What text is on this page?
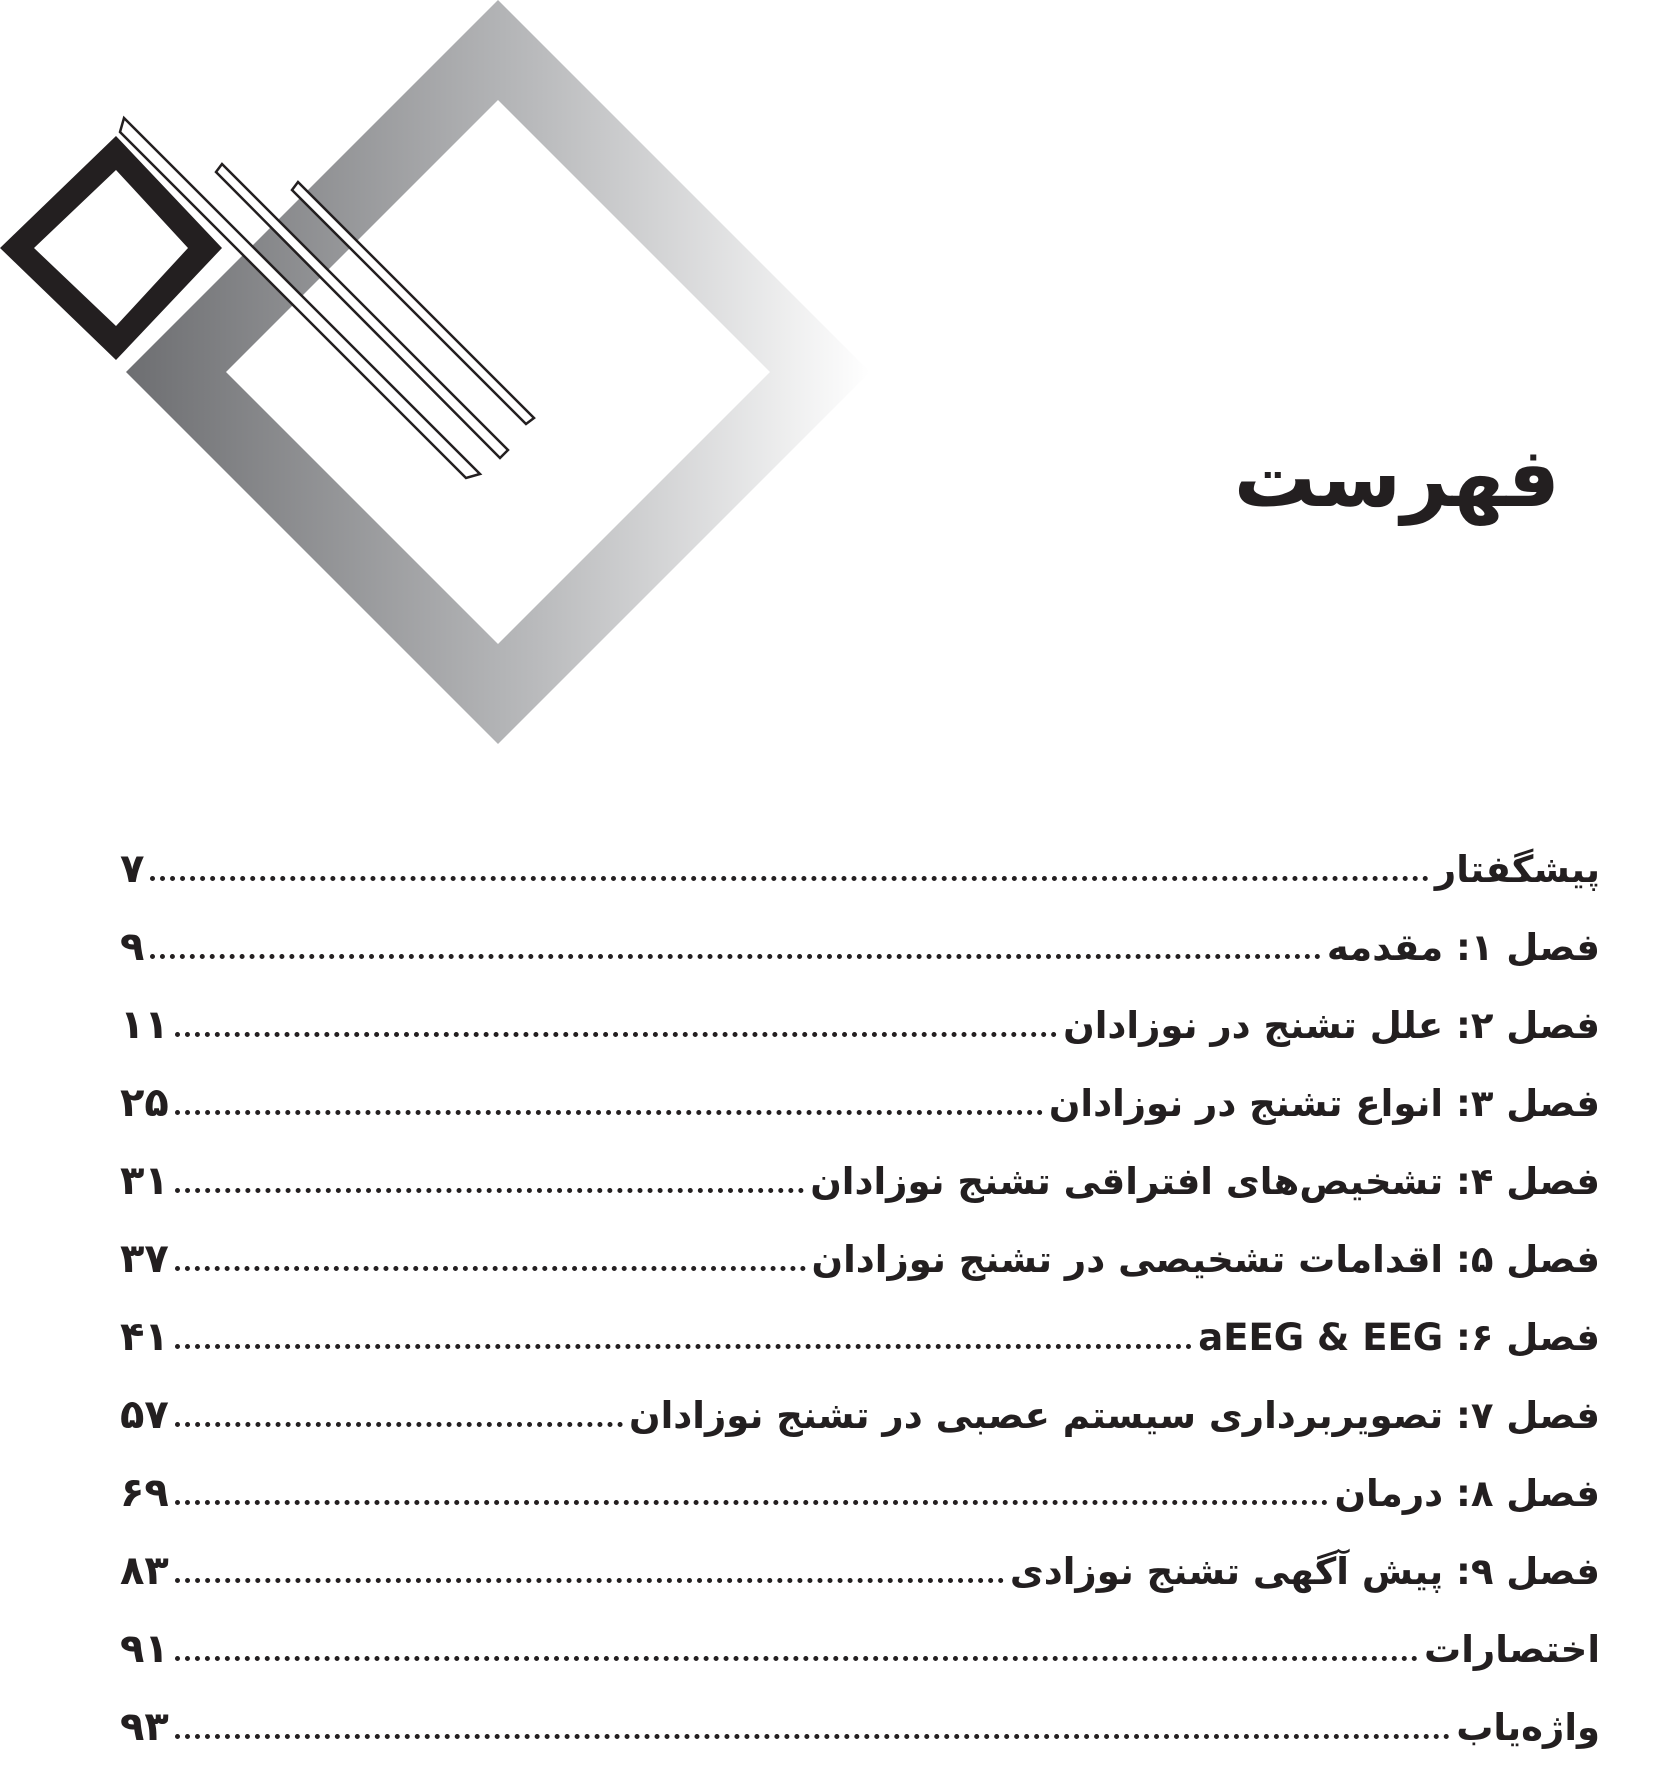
فهرست
پیشگفتار
۷
فصل ۱: مقدمه
۹
فصل ۲: علل تشنج در نوزادان
۱۱
فصل ۳: انواع تشنج در نوزادان
۲۵
فصل ۴: تشخیص‌های افتراقی تشنج نوزادان
۳۱
فصل ۵: اقدامات تشخیصی در تشنج نوزادان
۳۷
فصل ۶: aEEG & EEG
۴۱
فصل ۷: تصویربرداری سیستم عصبی در تشنج نوزادان
۵۷
فصل ۸: درمان
۶۹
فصل ۹: پیش آگهی تشنج نوزادی
۸۳
اختصارات
۹۱
واژه‌یاب
۹۳
